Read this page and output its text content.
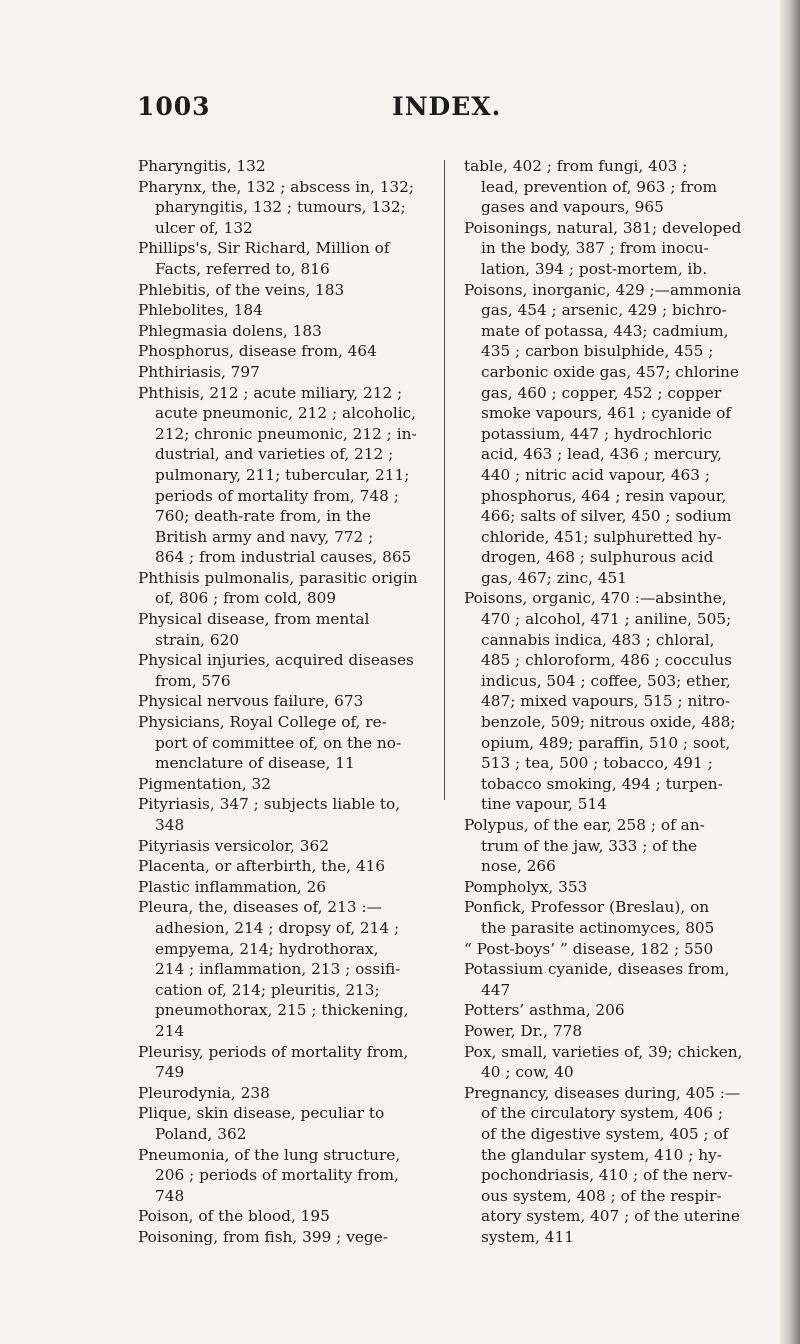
1003	INDEX.

Pharyngitis, 132

Pharynx, the, 132 ; abscess in, 132;
pharyngitis, 132 ; tumours, 132;
ulcer of, 132

Phillips's, Sir Richard, Million of
Facts, referred to, 816

Phlebitis, of the veins, 183

Phlebolites, 184

Phlegmasia dolens, 183

Phosphorus, disease from, 464

Phthiriasis, 797

Phthisis, 212 ; acute miliary, 212 ;
acute pneumonic, 212 ; alcoholic,
212; chronic pneumonic, 212 ; in-
dustrial, and varieties of, 212 ;
pulmonary, 211; tubercular, 211;
periods of mortality from, 748 ;
760; death-rate from, in the
British army and navy, 772 ;
864 ; from industrial causes, 865

Phthisis pulmonalis, parasitic origin
of, 806 ; from cold, 809

Physical disease, from mental
strain, 620

Physical injuries, acquired diseases
from, 576

Physical nervous failure, 673

Physicians, Royal College of, re-
port of committee of, on the no-
menclature of disease, 11

Pigmentation, 32

Pityriasis, 347 ; subjects liable to,
348

Pityriasis versicolor, 362

Placenta, or afterbirth, the, 416

Plastic inflammation, 26

Pleura, the, diseases of, 213 :—
adhesion, 214 ; dropsy of, 214 ;
empyema, 214; hydrothorax,
214 ; inflammation, 213 ; ossifi-
cation of, 214; pleuritis, 213;
pneumothorax, 215 ; thickening,
214

Pleurisy, periods of mortality from,
749

Pleurodynia, 238

Plique, skin disease, peculiar to
Poland, 362

Pneumonia, of the lung structure,
206 ; periods of mortality from,
748

Poison, of the blood, 195

Poisoning, from fish, 399 ; vege-

table, 402 ; from fungi, 403 ;
lead, prevention of, 963 ; from
gases and vapours, 965

Poisonings, natural, 381; developed
in the body, 387 ; from inocu-
lation, 394 ; post-mortem, ib.

Poisons, inorganic, 429 ;—ammonia
gas, 454 ; arsenic, 429 ; bichro-
mate of potassa, 443; cadmium,
435 ; carbon bisulphide, 455 ;
carbonic oxide gas, 457; chlorine
gas, 460 ; copper, 452 ; copper
smoke vapours, 461 ; cyanide of
potassium, 447 ; hydrochloric
acid, 463 ; lead, 436 ; mercury,
440 ; nitric acid vapour, 463 ;
phosphorus, 464 ; resin vapour,
466; salts of silver, 450 ; sodium
chloride, 451; sulphuretted hy-
drogen, 468 ; sulphurous acid
gas, 467; zinc, 451

Poisons, organic, 470 :—absinthe,
470 ; alcohol, 471 ; aniline, 505;
cannabis indica, 483 ; chloral,
485 ; chloroform, 486 ; cocculus
indicus, 504 ; coffee, 503; ether,
487; mixed vapours, 515 ; nitro-
benzole, 509; nitrous oxide, 488;
opium, 489; paraffin, 510 ; soot,
513 ; tea, 500 ; tobacco, 491 ;
tobacco smoking, 494 ; turpen-
tine vapour, 514

Polypus, of the ear, 258 ; of an-
trum of the jaw, 333 ; of the
nose, 266

Pompholyx, 353

Ponfick, Professor (Breslau), on
the parasite actinomyces, 805

“ Post-boys’ ” disease, 182 ; 550

Potassium cyanide, diseases from,
447

Potters’ asthma, 206

Power, Dr., 778

Pox, small, varieties of, 39; chicken,
40 ; cow, 40

Pregnancy, diseases during, 405 :—
of the circulatory system, 406 ;
of the digestive system, 405 ; of
the glandular system, 410 ; hy-
pochondriasis, 410 ; of the nerv-
ous system, 408 ; of the respir-
atory system, 407 ; of the uterine
system, 411
